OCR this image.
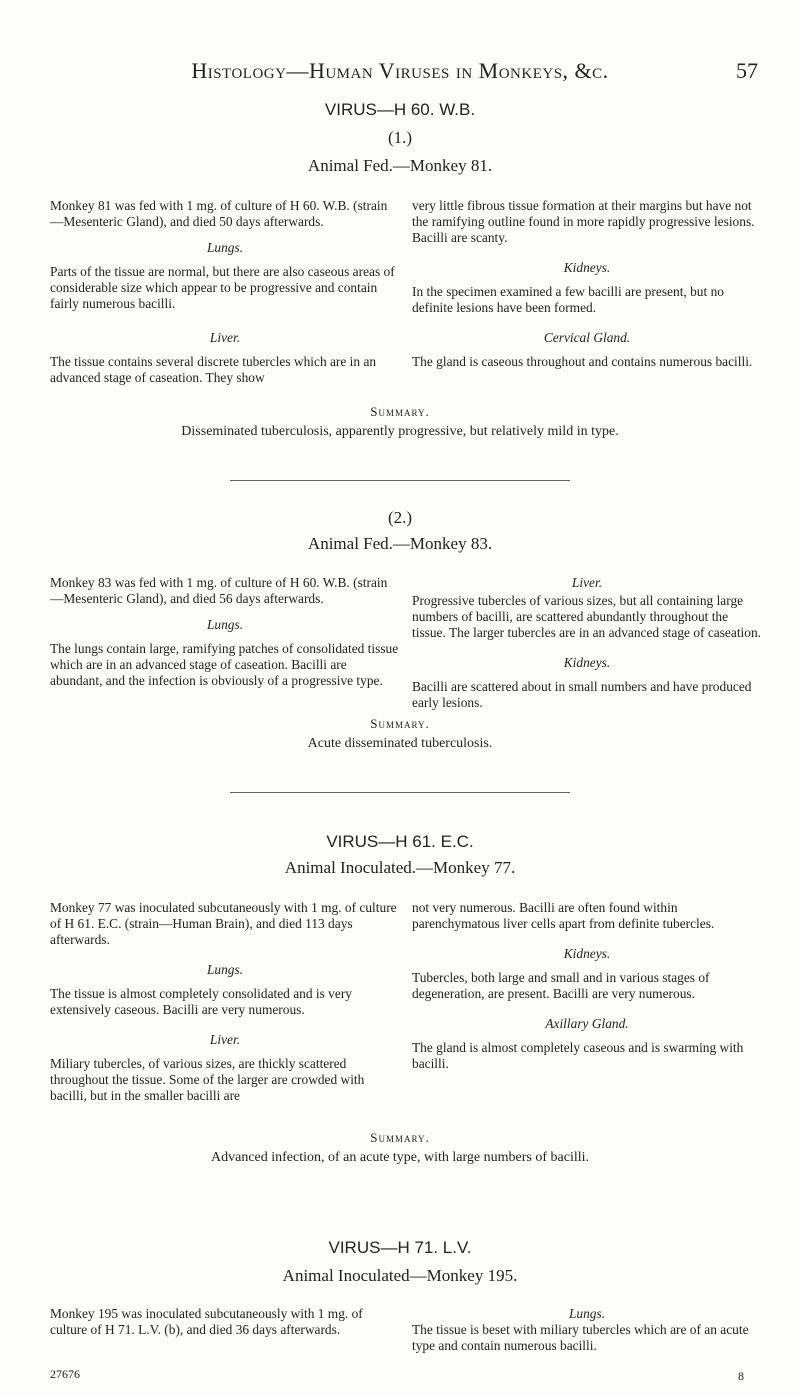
Histology—Human Viruses in Monkeys, &c.	57
VIRUS—H 60. W.B.
(1.)
Animal Fed.—Monkey 81.

Monkey 81 was fed with 1 mg. of culture of H 60. W.B. (strain—Mesenteric Gland), and died 50 days afterwards.

Lungs.

Parts of the tissue are normal, but there are also caseous areas of considerable size which appear to be progressive and contain fairly numerous bacilli.

Liver.

The tissue contains several discrete tubercles which are in an advanced stage of caseation. They show

very little fibrous tissue formation at their margins but have not the ramifying outline found in more rapidly progressive lesions. Bacilli are scanty.

Kidneys.

In the specimen examined a few bacilli are present, but no definite lesions have been formed.

Cervical Gland.

The gland is caseous throughout and contains numerous bacilli.

Summary.
Disseminated tuberculosis, apparently progressive, but relatively mild in type.
(2.)
Animal Fed.—Monkey 83.

Monkey 83 was fed with 1 mg. of culture of H 60. W.B. (strain—Mesenteric Gland), and died 56 days afterwards.

Lungs.

The lungs contain large, ramifying patches of consolidated tissue which are in an advanced stage of caseation. Bacilli are abundant, and the infection is obviously of a progressive type.

Liver.

Progressive tubercles of various sizes, but all containing large numbers of bacilli, are scattered abundantly throughout the tissue. The larger tubercles are in an advanced stage of caseation.

Kidneys.

Bacilli are scattered about in small numbers and have produced early lesions.

Summary.
Acute disseminated tuberculosis.
VIRUS—H 61. E.C.
Animal Inoculated.—Monkey 77.

Monkey 77 was inoculated subcutaneously with 1 mg. of culture of H 61. E.C. (strain—Human Brain), and died 113 days afterwards.

Lungs.

The tissue is almost completely consolidated and is very extensively caseous. Bacilli are very numerous.

Liver.

Miliary tubercles, of various sizes, are thickly scattered throughout the tissue. Some of the larger are crowded with bacilli, but in the smaller bacilli are

not very numerous. Bacilli are often found within parenchymatous liver cells apart from definite tubercles.

Kidneys.

Tubercles, both large and small and in various stages of degeneration, are present. Bacilli are very numerous.

Axillary Gland.

The gland is almost completely caseous and is swarming with bacilli.

Summary.
Advanced infection, of an acute type, with large numbers of bacilli.
VIRUS—H 71. L.V.
Animal Inoculated—Monkey 195.

Monkey 195 was inoculated subcutaneously with 1 mg. of culture of H 71. L.V. (b), and died 36 days afterwards.

Lungs.

The tissue is beset with miliary tubercles which are of an acute type and contain numerous bacilli.

27676	8
